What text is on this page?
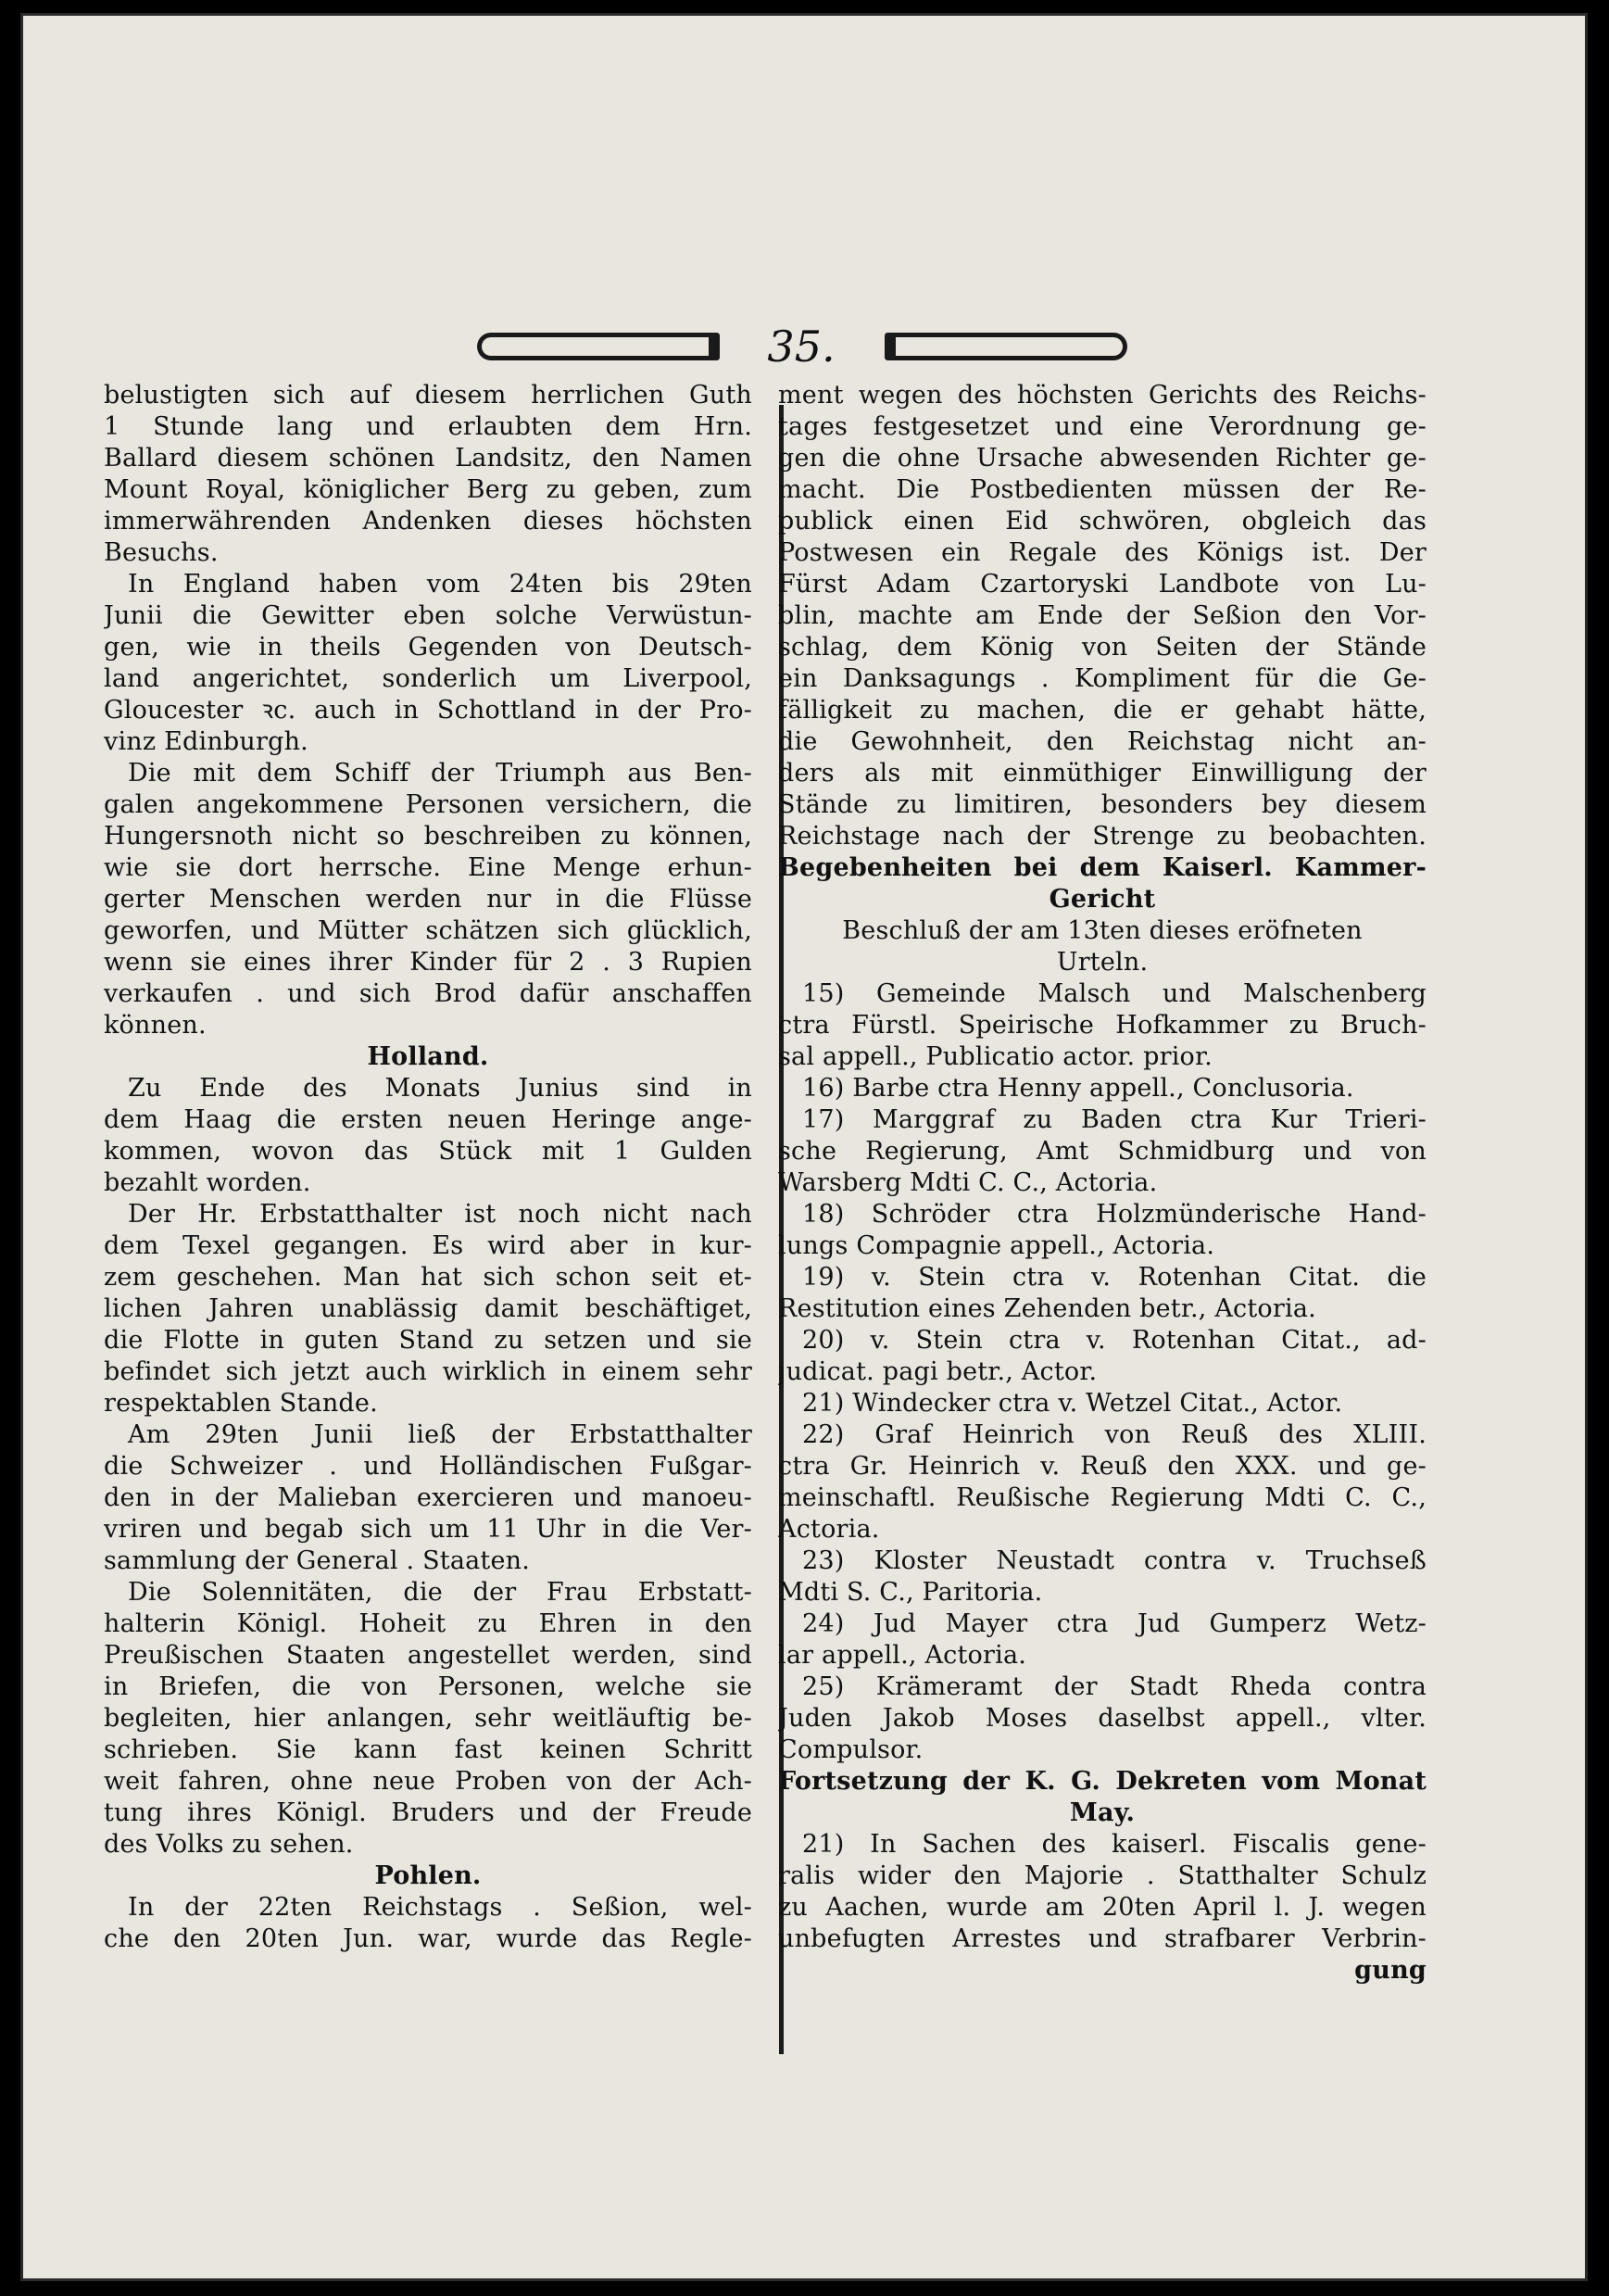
35.
belustigten sich auf diesem herrlichen Guth
1 Stunde lang und erlaubten dem Hrn.
Ballard diesem schönen Landsitz, den Namen
Mount Royal, königlicher Berg zu geben, zum
immerwährenden Andenken dieses höchsten
Besuchs.
In England haben vom 24ten bis 29ten
Junii die Gewitter eben solche Verwüstun-
gen, wie in theils Gegenden von Deutsch-
land angerichtet, sonderlich um Liverpool,
Gloucester ꝛc. auch in Schottland in der Pro-
vinz Edinburgh.
Die mit dem Schiff der Triumph aus Ben-
galen angekommene Personen versichern, die
Hungersnoth nicht so beschreiben zu können,
wie sie dort herrsche. Eine Menge erhun-
gerter Menschen werden nur in die Flüsse
geworfen, und Mütter schätzen sich glücklich,
wenn sie eines ihrer Kinder für 2 . 3 Rupien
verkaufen . und sich Brod dafür anschaffen
können.
Holland.
Zu Ende des Monats Junius sind in
dem Haag die ersten neuen Heringe ange-
kommen, wovon das Stück mit 1 Gulden
bezahlt worden.
Der Hr. Erbstatthalter ist noch nicht nach
dem Texel gegangen. Es wird aber in kur-
zem geschehen. Man hat sich schon seit et-
lichen Jahren unablässig damit beschäftiget,
die Flotte in guten Stand zu setzen und sie
befindet sich jetzt auch wirklich in einem sehr
respektablen Stande.
Am 29ten Junii ließ der Erbstatthalter
die Schweizer . und Holländischen Fußgar-
den in der Malieban exercieren und manoeu-
vriren und begab sich um 11 Uhr in die Ver-
sammlung der General . Staaten.
Die Solennitäten, die der Frau Erbstatt-
halterin Königl. Hoheit zu Ehren in den
Preußischen Staaten angestellet werden, sind
in Briefen, die von Personen, welche sie
begleiten, hier anlangen, sehr weitläuftig be-
schrieben. Sie kann fast keinen Schritt
weit fahren, ohne neue Proben von der Ach-
tung ihres Königl. Bruders und der Freude
des Volks zu sehen.
Pohlen.
In der 22ten Reichstags . Seßion, wel-
che den 20ten Jun. war, wurde das Regle-
ment wegen des höchsten Gerichts des Reichs-
tages festgesetzet und eine Verordnung ge-
gen die ohne Ursache abwesenden Richter ge-
macht. Die Postbedienten müssen der Re-
publick einen Eid schwören, obgleich das
Postwesen ein Regale des Königs ist. Der
Fürst Adam Czartoryski Landbote von Lu-
blin, machte am Ende der Seßion den Vor-
schlag, dem König von Seiten der Stände
ein Danksagungs . Kompliment für die Ge-
fälligkeit zu machen, die er gehabt hätte,
die Gewohnheit, den Reichstag nicht an-
ders als mit einmüthiger Einwilligung der
Stände zu limitiren, besonders bey diesem
Reichstage nach der Strenge zu beobachten.
Begebenheiten bei dem Kaiserl. Kammer-
Gericht
Beschluß der am 13ten dieses eröfneten
Urteln.
15) Gemeinde Malsch und Malschenberg
ctra Fürstl. Speirische Hofkammer zu Bruch-
sal appell., Publicatio actor. prior.
16) Barbe ctra Henny appell., Conclusoria.
17) Marggraf zu Baden ctra Kur Trieri-
sche Regierung, Amt Schmidburg und von
Warsberg Mdti C. C., Actoria.
18) Schröder ctra Holzmünderische Hand-
lungs Compagnie appell., Actoria.
19) v. Stein ctra v. Rotenhan Citat. die
Restitution eines Zehenden betr., Actoria.
20) v. Stein ctra v. Rotenhan Citat., ad-
judicat. pagi betr., Actor.
21) Windecker ctra v. Wetzel Citat., Actor.
22) Graf Heinrich von Reuß des XLIII.
ctra Gr. Heinrich v. Reuß den XXX. und ge-
meinschaftl. Reußische Regierung Mdti C. C.,
Actoria.
23) Kloster Neustadt contra v. Truchseß
Mdti S. C., Paritoria.
24) Jud Mayer ctra Jud Gumperz Wetz-
lar appell., Actoria.
25) Krämeramt der Stadt Rheda contra
Juden Jakob Moses daselbst appell., vlter.
Compulsor.
Fortsetzung der K. G. Dekreten vom Monat
May.
21) In Sachen des kaiserl. Fiscalis gene-
ralis wider den Majorie . Statthalter Schulz
zu Aachen, wurde am 20ten April l. J. wegen
unbefugten Arrestes und strafbarer Verbrin-
gung
